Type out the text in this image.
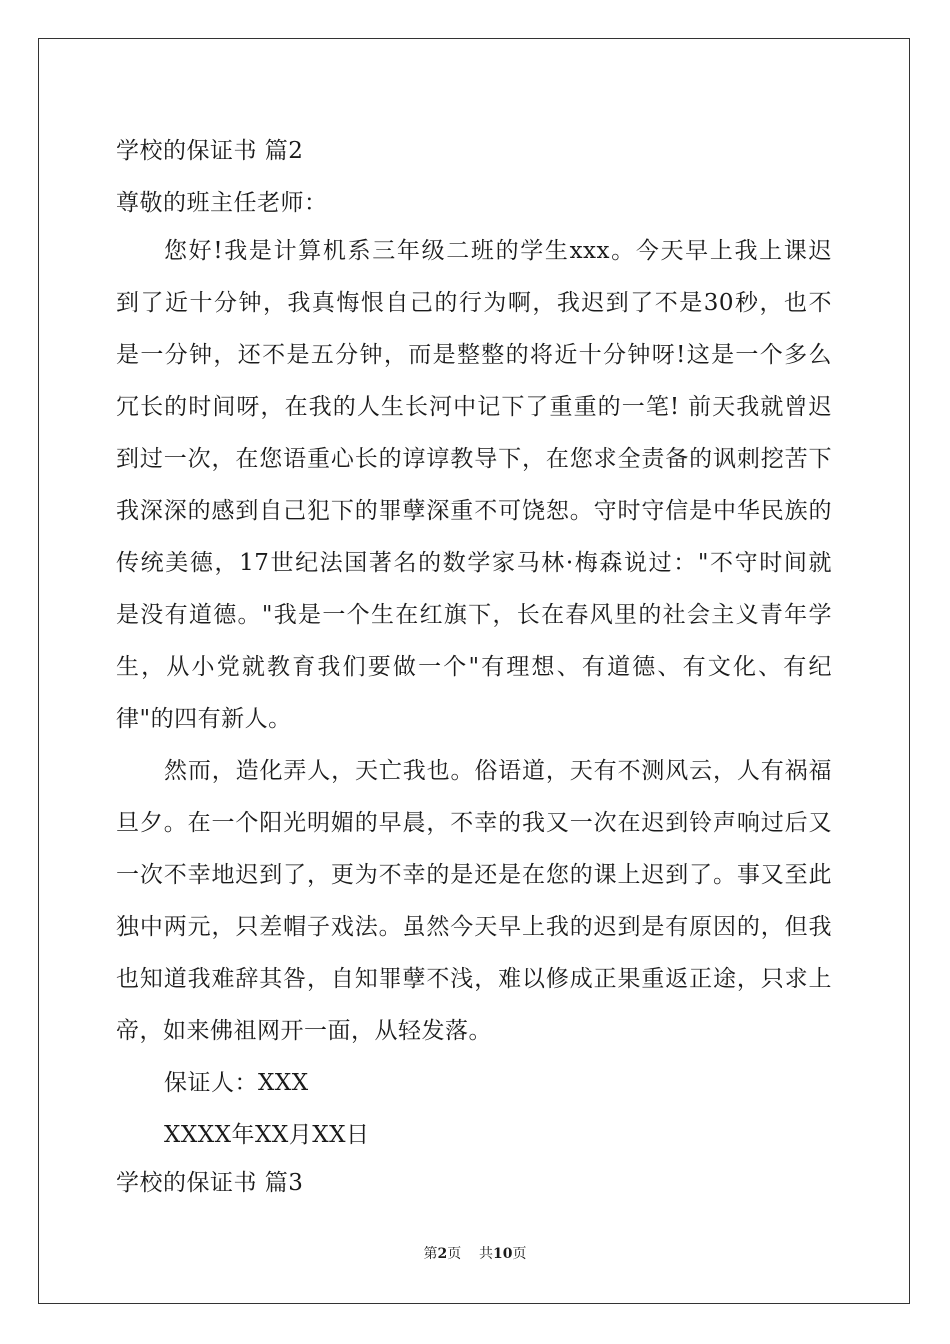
学校的保证书 篇2
尊敬的班主任老师：
您好!我是计算机系三年级二班的学生xxx。今天早上我上课迟
到了近十分钟，我真悔恨自己的行为啊，我迟到了不是30秒，也不
是一分钟，还不是五分钟，而是整整的将近十分钟呀!这是一个多么
冗长的时间呀，在我的人生长河中记下了重重的一笔! 前天我就曾迟
到过一次，在您语重心长的谆谆教导下，在您求全责备的讽刺挖苦下
我深深的感到自己犯下的罪孽深重不可饶恕。守时守信是中华民族的
传统美德，17世纪法国著名的数学家马林·梅森说过："不守时间就
是没有道德。"我是一个生在红旗下，长在春风里的社会主义青年学
生，从小党就教育我们要做一个"有理想、有道德、有文化、有纪
律"的四有新人。
然而，造化弄人，天亡我也。俗语道，天有不测风云，人有祸福
旦夕。在一个阳光明媚的早晨，不幸的我又一次在迟到铃声响过后又
一次不幸地迟到了，更为不幸的是还是在您的课上迟到了。事又至此
独中两元，只差帽子戏法。虽然今天早上我的迟到是有原因的，但我
也知道我难辞其咎，自知罪孽不浅，难以修成正果重返正途，只求上
帝，如来佛祖网开一面，从轻发落。
保证人：XXX
XXXX年XX月XX日
学校的保证书 篇3
第2页 共10页
